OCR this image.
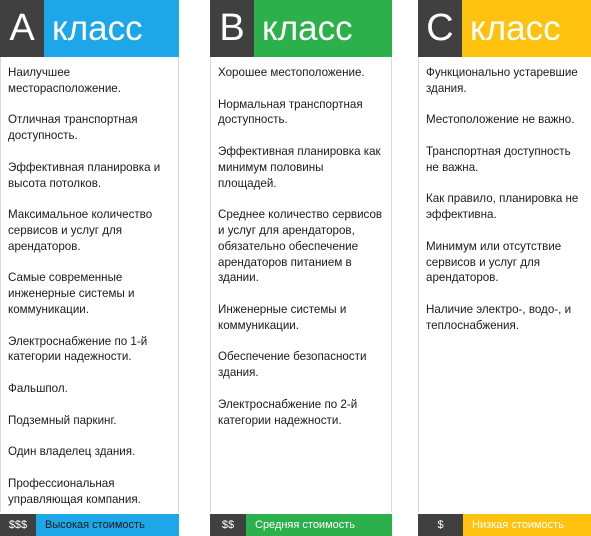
A класс
Наилучшее месторасположение.
Отличная транспортная доступность.
Эффективная планировка и высота потолков.
Максимальное количество сервисов и услуг для арендаторов.
Самые современные инженерные системы и коммуникации.
Электроснабжение по 1-й категории надежности.
Фальшпол.
Подземный паркинг.
Один владелец здания.
Профессиональная управляющая компания.
$$$	Высокая стоимость
B класс
Хорошее местоположение.
Нормальная транспортная доступность.
Эффективная планировка как минимум половины площадей.
Среднее количество сервисов и услуг для арендаторов, обязательно обеспечение арендаторов питанием в здании.
Инженерные системы и коммуникации.
Обеспечение безопасности здания.
Электроснабжение по 2-й категории надежности.
$$	Средняя стоимость
C класс
Функционально устаревшие здания.
Местоположение не важно.
Транспортная доступность не важна.
Как правило, планировка не эффективна.
Минимум или отсутствие сервисов и услуг для арендаторов.
Наличие электро-, водо-, и теплоснабжения.
$	Низкая стоимость
